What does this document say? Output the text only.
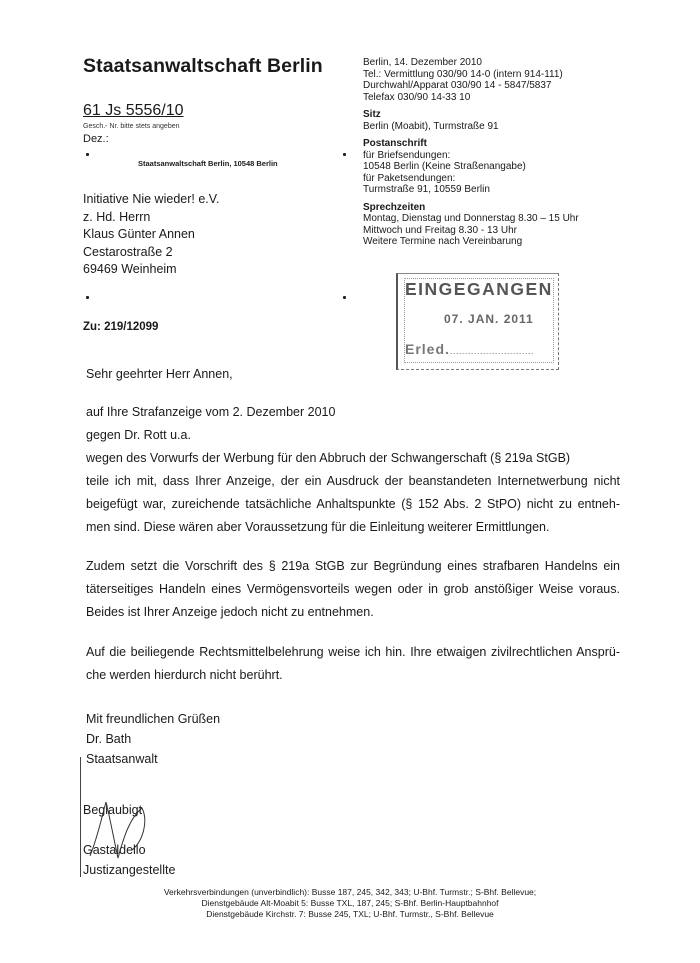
Staatsanwaltschaft Berlin
61 Js 5556/10
Gesch.- Nr. bitte stets angeben
Dez.:
Staatsanwaltschaft Berlin, 10548 Berlin
Initiative Nie wieder! e.V.
z. Hd. Herrn
Klaus Günter Annen
Cestarostraße 2
69469 Weinheim
Zu: 219/12099
Berlin, 14. Dezember 2010
Tel.: Vermittlung 030/90 14-0 (intern 914-111)
Durchwahl/Apparat 030/90 14 - 5847/5837
Telefax 030/90 14-33 10
Sitz
Berlin (Moabit), Turmstraße 91
Postanschrift
für Briefsendungen:
10548 Berlin (Keine Straßenangabe)
für Paketsendungen:
Turmstraße 91, 10559 Berlin
Sprechzeiten
Montag, Dienstag und Donnerstag 8.30 – 15 Uhr
Mittwoch und Freitag 8.30 - 13 Uhr
Weitere Termine nach Vereinbarung
EINGEGANGEN
07. JAN. 2011
Erled.............................
Sehr geehrter Herr Annen,
auf Ihre Strafanzeige vom 2. Dezember 2010
gegen Dr. Rott u.a.
wegen des Vorwurfs der Werbung für den Abbruch der Schwangerschaft (§ 219a StGB)
teile ich mit, dass Ihrer Anzeige, der ein Ausdruck der beanstandeten Internetwerbung nicht
beigefügt war, zureichende tatsächliche Anhaltspunkte (§ 152 Abs. 2 StPO) nicht zu entneh-
men sind. Diese wären aber Voraussetzung für die Einleitung weiterer Ermittlungen.
Zudem setzt die Vorschrift des § 219a StGB zur Begründung eines strafbaren Handelns ein
täterseitiges Handeln eines Vermögensvorteils wegen oder in grob anstößiger Weise voraus.
Beides ist Ihrer Anzeige jedoch nicht zu entnehmen.
Auf die beiliegende Rechtsmittelbelehrung weise ich hin. Ihre etwaigen zivilrechtlichen Ansprü-
che werden hierdurch nicht berührt.
Mit freundlichen Grüßen
Dr. Bath
Staatsanwalt
Beglaubigt
Gastaldello
Justizangestellte
Verkehrsverbindungen (unverbindlich): Busse 187, 245, 342, 343; U-Bhf. Turmstr.; S-Bhf. Bellevue;
Dienstgebäude Alt-Moabit 5: Busse TXL, 187, 245; S-Bhf. Berlin-Hauptbahnhof
Dienstgebäude Kirchstr. 7: Busse 245, TXL; U-Bhf. Turmstr., S-Bhf. Bellevue
